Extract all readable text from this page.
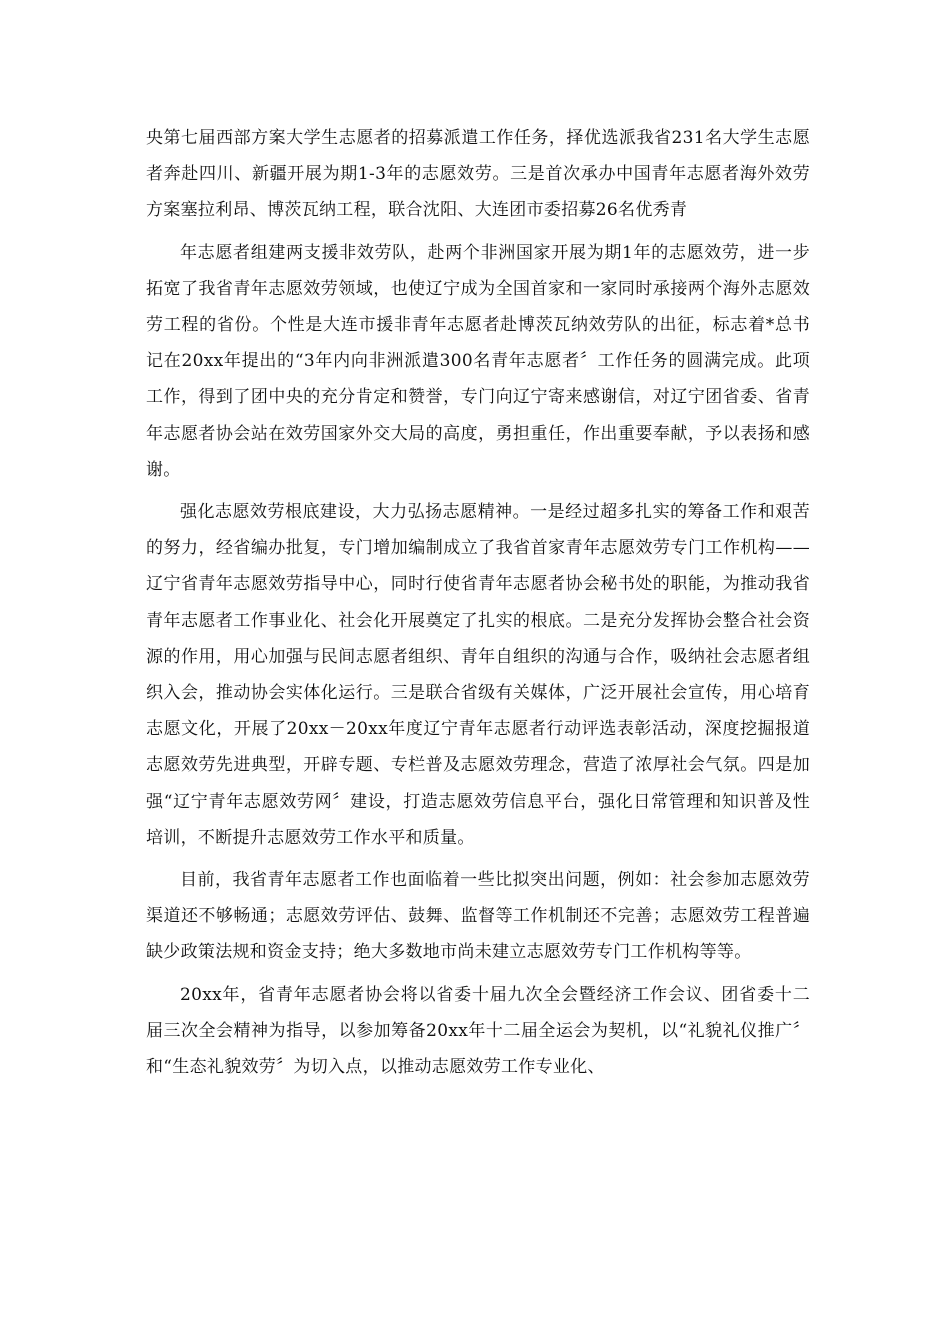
央第七届西部方案大学生志愿者的招募派遣工作任务，择优选派我省231名大学生志愿者奔赴四川、新疆开展为期1-3年的志愿效劳。三是首次承办中国青年志愿者海外效劳方案塞拉利昂、博茨瓦纳工程，联合沈阳、大连团市委招募26名优秀青

年志愿者组建两支援非效劳队，赴两个非洲国家开展为期1年的志愿效劳，进一步拓宽了我省青年志愿效劳领域，也使辽宁成为全国首家和一家同时承接两个海外志愿效劳工程的省份。个性是大连市援非青年志愿者赴博茨瓦纳效劳队的出征，标志着*总书记在20xx年提出的“3年内向非洲派遣300名青年志愿者〞工作任务的圆满完成。此项工作，得到了团中央的充分肯定和赞誉，专门向辽宁寄来感谢信，对辽宁团省委、省青年志愿者协会站在效劳国家外交大局的高度，勇担重任，作出重要奉献，予以表扬和感谢。

强化志愿效劳根底建设，大力弘扬志愿精神。一是经过超多扎实的筹备工作和艰苦的努力，经省编办批复，专门增加编制成立了我省首家青年志愿效劳专门工作机构——辽宁省青年志愿效劳指导中心，同时行使省青年志愿者协会秘书处的职能，为推动我省青年志愿者工作事业化、社会化开展奠定了扎实的根底。二是充分发挥协会整合社会资源的作用，用心加强与民间志愿者组织、青年自组织的沟通与合作，吸纳社会志愿者组织入会，推动协会实体化运行。三是联合省级有关媒体，广泛开展社会宣传，用心培育志愿文化，开展了20xx－20xx年度辽宁青年志愿者行动评选表彰活动，深度挖掘报道志愿效劳先进典型，开辟专题、专栏普及志愿效劳理念，营造了浓厚社会气氛。四是加强“辽宁青年志愿效劳网〞建设，打造志愿效劳信息平台，强化日常管理和知识普及性培训，不断提升志愿效劳工作水平和质量。

目前，我省青年志愿者工作也面临着一些比拟突出问题，例如：社会参加志愿效劳渠道还不够畅通；志愿效劳评估、鼓舞、监督等工作机制还不完善；志愿效劳工程普遍缺少政策法规和资金支持；绝大多数地市尚未建立志愿效劳专门工作机构等等。

20xx年，省青年志愿者协会将以省委十届九次全会暨经济工作会议、团省委十二届三次全会精神为指导，以参加筹备20xx年十二届全运会为契机，以“礼貌礼仪推广〞和“生态礼貌效劳〞为切入点，以推动志愿效劳工作专业化、
